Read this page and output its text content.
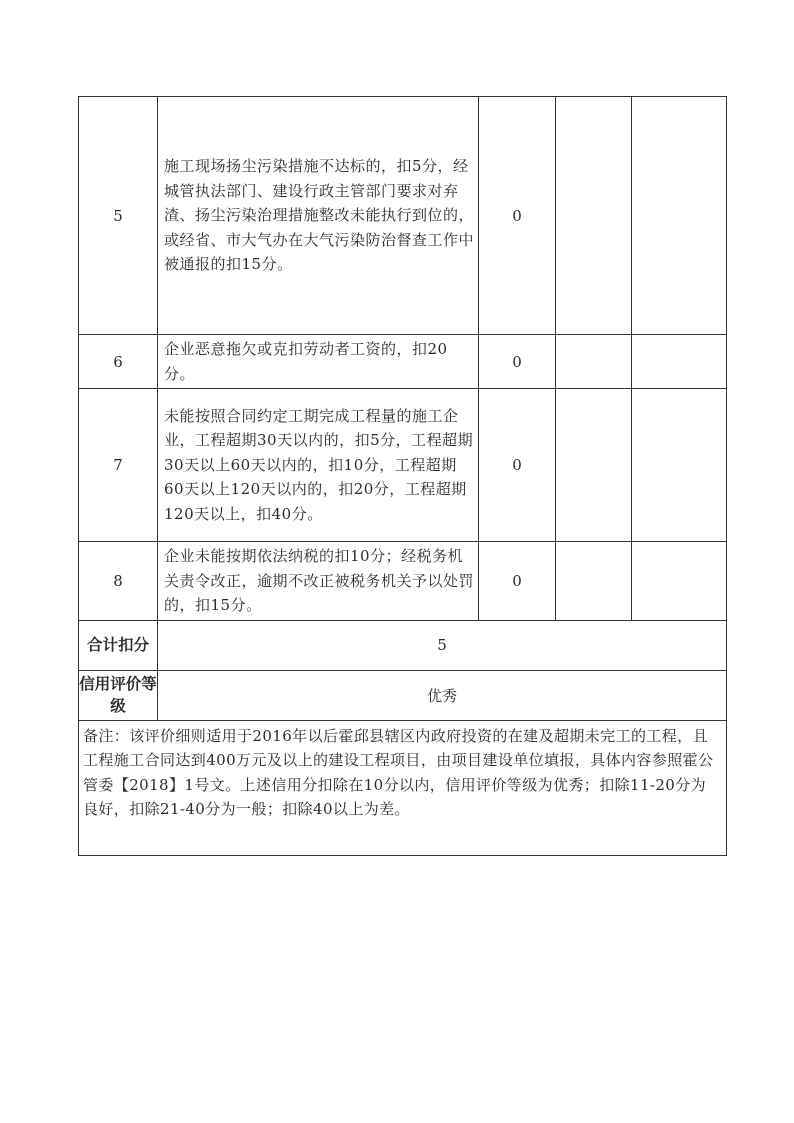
5	施工现场扬尘污染措施不达标的，扣5分，经城管执法部门、建设行政主管部门要求对弃渣、扬尘污染治理措施整改未能执行到位的，或经省、市大气办在大气污染防治督查工作中被通报的扣15分。	0		
6	企业恶意拖欠或克扣劳动者工资的，扣20分。	0		
7	未能按照合同约定工期完成工程量的施工企业，工程超期30天以内的，扣5分，工程超期30天以上60天以内的，扣10分，工程超期60天以上120天以内的，扣20分，工程超期120天以上，扣40分。	0		
8	企业未能按期依法纳税的扣10分；经税务机关责令改正，逾期不改正被税务机关予以处罚的，扣15分。	0		
合计扣分	5			
信用评价等级	优秀			
备注：该评价细则适用于2016年以后霍邱县辖区内政府投资的在建及超期未完工的工程，且工程施工合同达到400万元及以上的建设工程项目，由项目建设单位填报，具体内容参照霍公管委【2018】1号文。上述信用分扣除在10分以内，信用评价等级为优秀；扣除11-20分为良好，扣除21-40分为一般；扣除40以上为差。				
